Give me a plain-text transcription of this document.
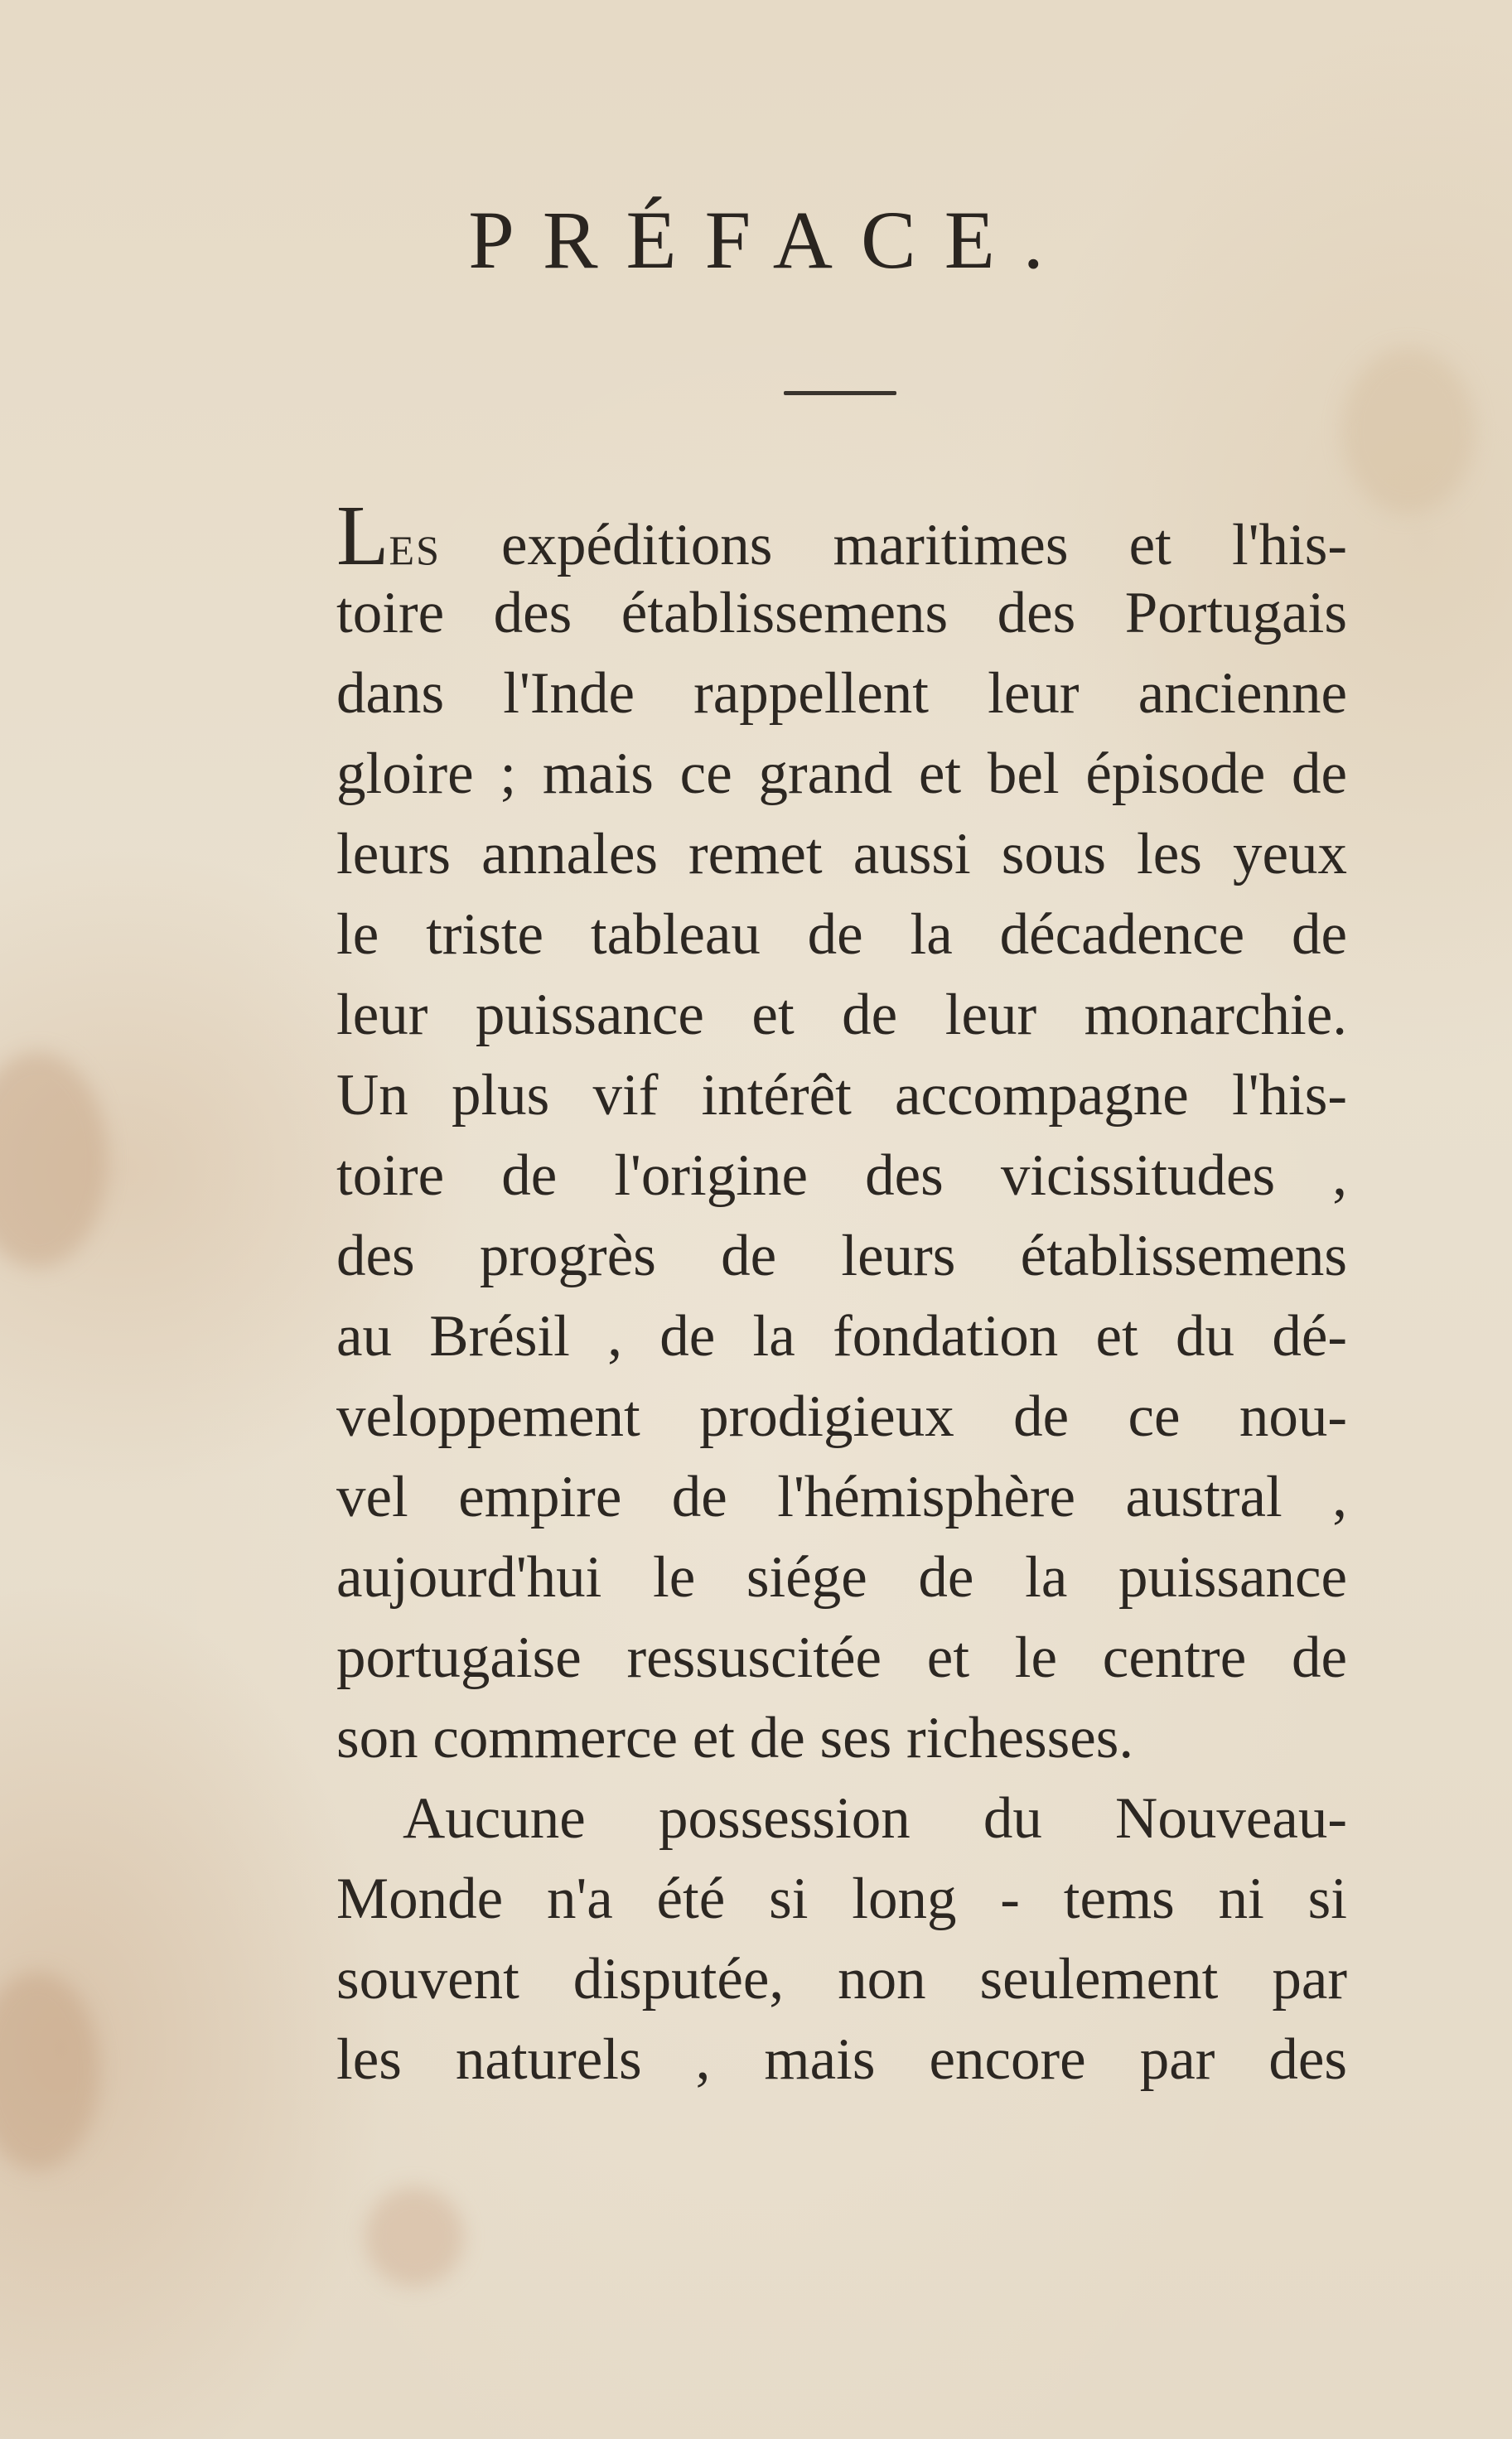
PRÉFACE.
LES expéditions maritimes et l'his-
toire des établissemens des Portugais
dans l'Inde rappellent leur ancienne
gloire ; mais ce grand et bel épisode de
leurs annales remet aussi sous les yeux
le triste tableau de la décadence de
leur puissance et de leur monarchie.
Un plus vif intérêt accompagne l'his-
toire de l'origine des vicissitudes ,
des progrès de leurs établissemens
au Brésil , de la fondation et du dé-
veloppement prodigieux de ce nou-
vel empire de l'hémisphère austral ,
aujourd'hui le siége de la puissance
portugaise ressuscitée et le centre de
son commerce et de ses richesses.
Aucune possession du Nouveau-
Monde n'a été si long - tems ni si
souvent disputée, non seulement par
les naturels , mais encore par des
